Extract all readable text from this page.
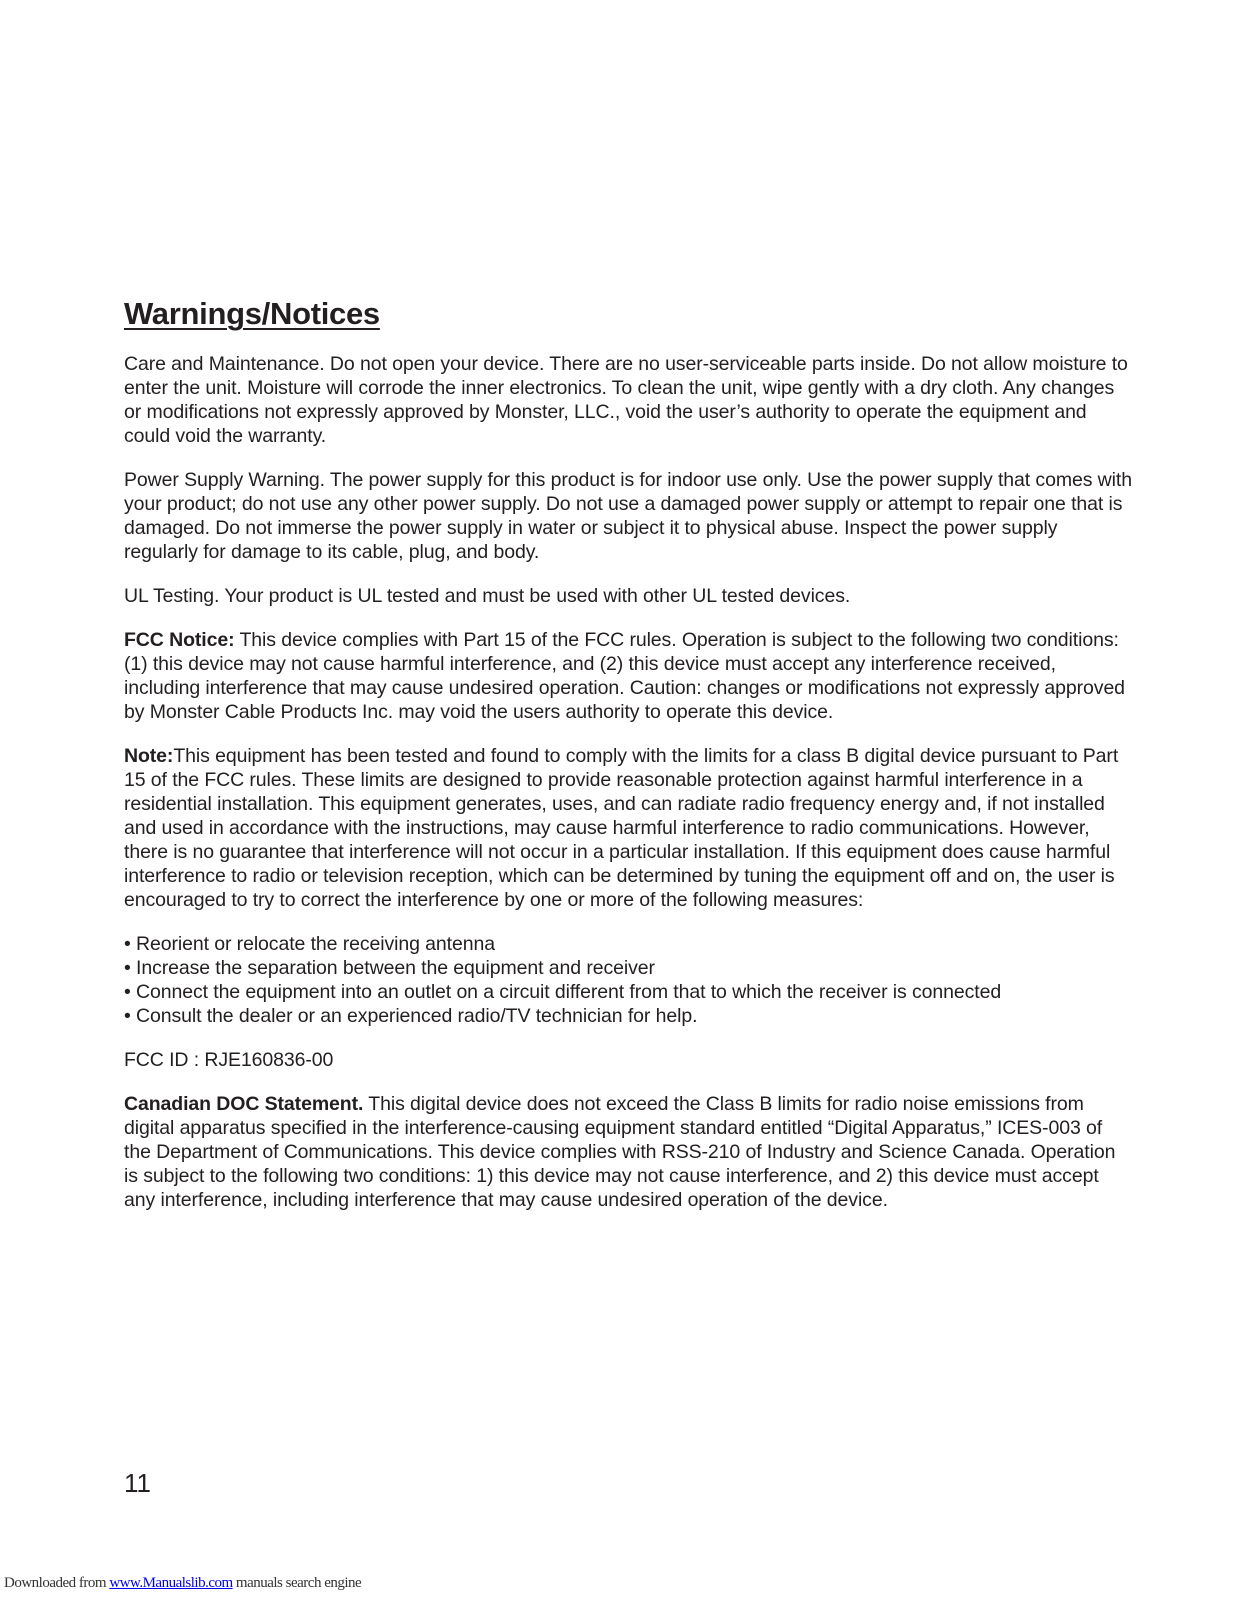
Warnings/Notices

Care and Maintenance. Do not open your device. There are no user-serviceable parts inside. Do not allow moisture to enter the unit. Moisture will corrode the inner electronics. To clean the unit, wipe gently with a dry cloth. Any changes or modifications not expressly approved by Monster, LLC., void the user’s authority to operate the equipment and could void the warranty.

Power Supply Warning. The power supply for this product is for indoor use only. Use the power supply that comes with your product; do not use any other power supply. Do not use a damaged power supply or attempt to repair one that is damaged. Do not immerse the power supply in water or subject it to physical abuse. Inspect the power supply regularly for damage to its cable, plug, and body.

UL Testing. Your product is UL tested and must be used with other UL tested devices.

FCC Notice: This device complies with Part 15 of the FCC rules. Operation is subject to the following two conditions: (1) this device may not cause harmful interference, and (2) this device must accept any interference received, including interference that may cause undesired operation. Caution: changes or modifications not expressly approved by Monster Cable Products Inc. may void the users authority to operate this device.

Note:This equipment has been tested and found to comply with the limits for a class B digital device pursuant to Part 15 of the FCC rules. These limits are designed to provide reasonable protection against harmful interference in a residential installation. This equipment generates, uses, and can radiate radio frequency energy and, if not installed and used in accordance with the instructions, may cause harmful interference to radio communications. However, there is no guarantee that interference will not occur in a particular installation. If this equipment does cause harmful interference to radio or television reception, which can be determined by tuning the equipment off and on, the user is encouraged to try to correct the interference by one or more of the following measures:

• Reorient or relocate the receiving antenna
• Increase the separation between the equipment and receiver
• Connect the equipment into an outlet on a circuit different from that to which the receiver is connected
• Consult the dealer or an experienced radio/TV technician for help.

FCC ID : RJE160836-00

Canadian DOC Statement. This digital device does not exceed the Class B limits for radio noise emissions from digital apparatus specified in the interference-causing equipment standard entitled “Digital Apparatus,” ICES-003 of the Department of Communications. This device complies with RSS-210 of Industry and Science Canada. Operation is subject to the following two conditions: 1) this device may not cause interference, and 2) this device must accept any interference, including interference that may cause undesired operation of the device.

11
Downloaded from www.Manualslib.com manuals search engine
